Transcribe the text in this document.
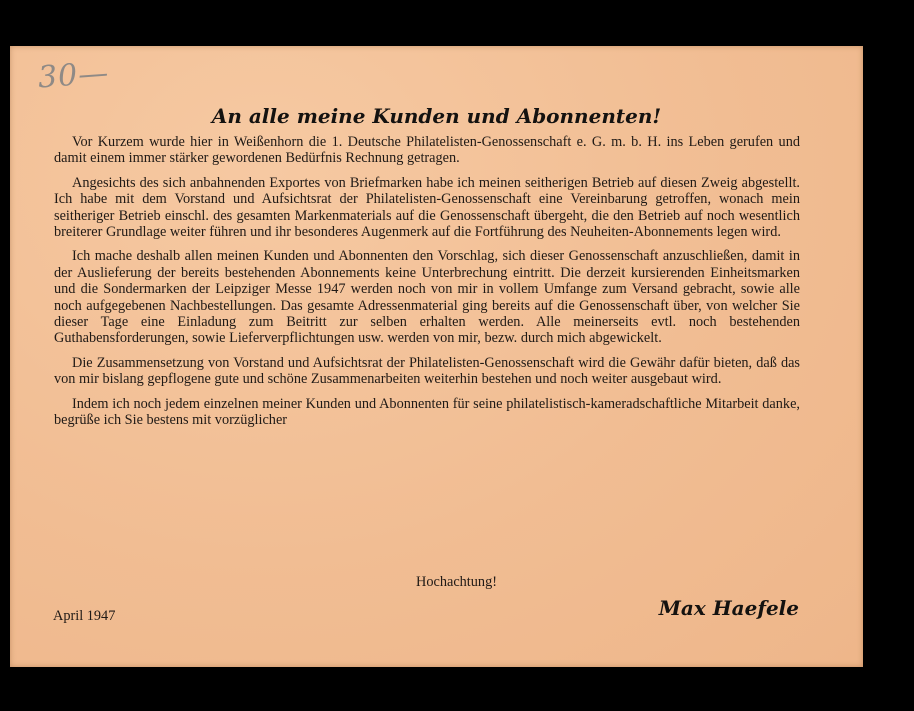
30—
An alle meine Kunden und Abonnenten!

Vor Kurzem wurde hier in Weißenhorn die 1. Deutsche Philatelisten-Genossenschaft e. G. m. b. H. ins Leben gerufen und damit einem immer stärker gewordenen Bedürfnis Rechnung getragen.

Angesichts des sich anbahnenden Exportes von Briefmarken habe ich meinen seitherigen Betrieb auf diesen Zweig abgestellt. Ich habe mit dem Vorstand und Aufsichtsrat der Philatelisten-Genossenschaft eine Vereinbarung getroffen, wonach mein seitheriger Betrieb einschl. des gesamten Markenmaterials auf die Genossenschaft übergeht, die den Betrieb auf noch wesentlich breiterer Grundlage weiter führen und ihr besonderes Augenmerk auf die Fortführung des Neuheiten-Abonnements legen wird.

Ich mache deshalb allen meinen Kunden und Abonnenten den Vorschlag, sich dieser Genossenschaft anzuschließen, damit in der Auslieferung der bereits bestehenden Abonnements keine Unterbrechung eintritt. Die derzeit kursierenden Einheitsmarken und die Sondermarken der Leipziger Messe 1947 werden noch von mir in vollem Umfange zum Versand gebracht, sowie alle noch aufgegebenen Nachbestellungen. Das gesamte Adressenmaterial ging bereits auf die Genossenschaft über, von welcher Sie dieser Tage eine Einladung zum Beitritt zur selben erhalten werden. Alle meinerseits evtl. noch bestehenden Guthabensforderungen, sowie Lieferverpflichtungen usw. werden von mir, bezw. durch mich abgewickelt.

Die Zusammensetzung von Vorstand und Aufsichtsrat der Philatelisten-Genossenschaft wird die Gewähr dafür bieten, daß das von mir bislang gepflogene gute und schöne Zusammenarbeiten weiterhin bestehen und noch weiter ausgebaut wird.

Indem ich noch jedem einzelnen meiner Kunden und Abonnenten für seine philatelistisch-kameradschaftliche Mitarbeit danke, begrüße ich Sie bestens mit vorzüglicher

Hochachtung!
April 1947	Max Haefele
